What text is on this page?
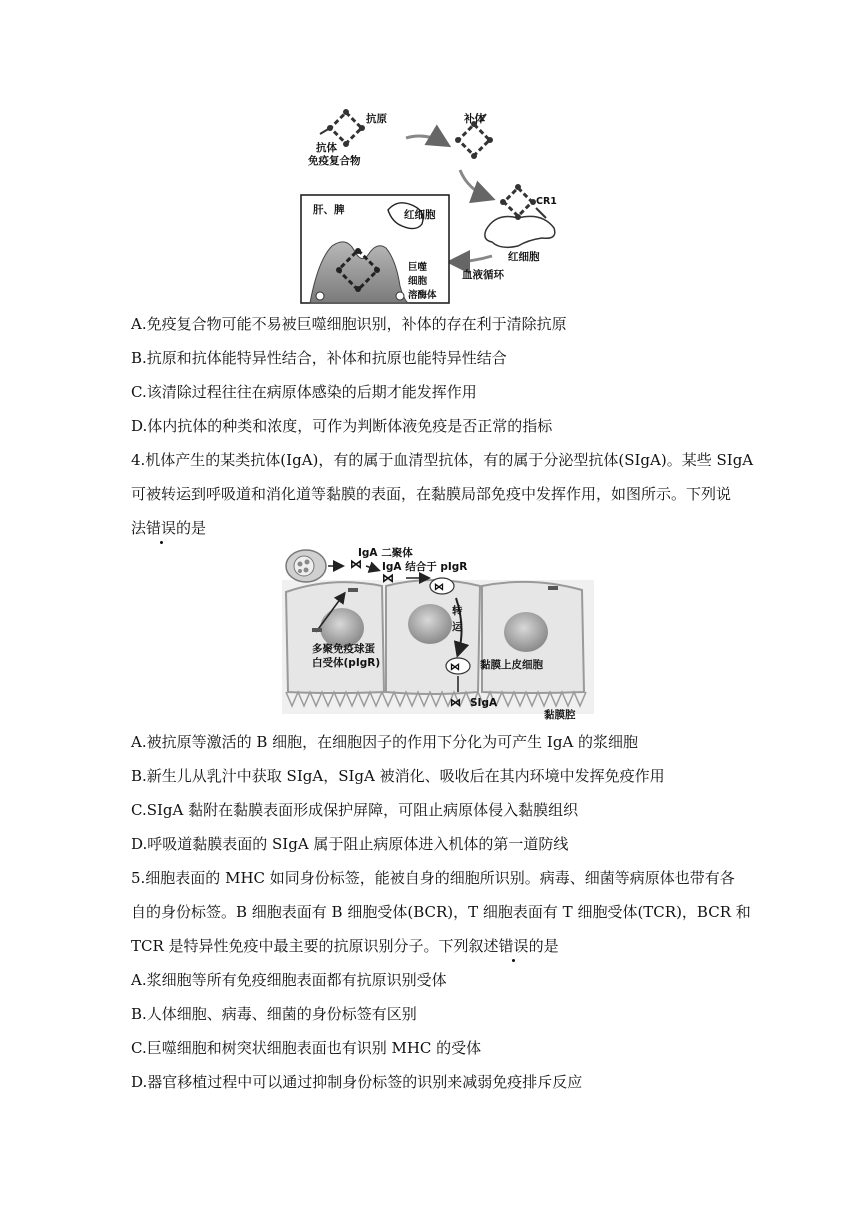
抗原
抗体
免疫复合物
补体
CR1
红细胞
血液循环
肝、脾	红细胞
巨噬
细胞
溶酶体
A.免疫复合物可能不易被巨噬细胞识别，补体的存在利于清除抗原
B.抗原和抗体能特异性结合，补体和抗原也能特异性结合
C.该清除过程往往在病原体感染的后期才能发挥作用
D.体内抗体的种类和浓度，可作为判断体液免疫是否正常的指标
4.机体产生的某类抗体(IgA)，有的属于血清型抗体，有的属于分泌型抗体(SIgA)。某些 SIgA
可被转运到呼吸道和消化道等黏膜的表面，在黏膜局部免疫中发挥作用，如图所示。下列说
法错误的是
⋈
IgA 二聚体
⋈
IgA 结合于 pIgR
⋈
转
运
多聚免疫球蛋
白受体(pIgR)	⋈ 黏膜上皮细胞
⋈ SIgA
黏膜腔
A.被抗原等激活的 B 细胞，在细胞因子的作用下分化为可产生 IgA 的浆细胞
B.新生儿从乳汁中获取 SIgA，SIgA 被消化、吸收后在其内环境中发挥免疫作用
C.SIgA 黏附在黏膜表面形成保护屏障，可阻止病原体侵入黏膜组织
D.呼吸道黏膜表面的 SIgA 属于阻止病原体进入机体的第一道防线
5.细胞表面的 MHC 如同身份标签，能被自身的细胞所识别。病毒、细菌等病原体也带有各
自的身份标签。B 细胞表面有 B 细胞受体(BCR)，T 细胞表面有 T 细胞受体(TCR)，BCR 和
TCR 是特异性免疫中最主要的抗原识别分子。下列叙述错误的是
A.浆细胞等所有免疫细胞表面都有抗原识别受体
B.人体细胞、病毒、细菌的身份标签有区别
C.巨噬细胞和树突状细胞表面也有识别 MHC 的受体
D.器官移植过程中可以通过抑制身份标签的识别来减弱免疫排斥反应
